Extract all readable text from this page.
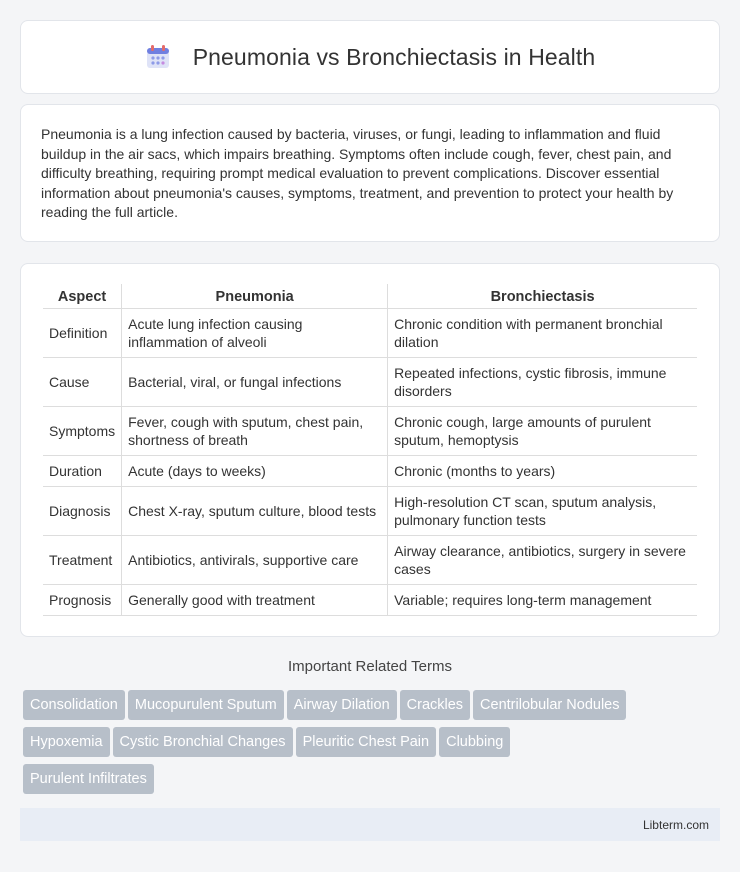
Pneumonia vs Bronchiectasis in Health

Pneumonia is a lung infection caused by bacteria, viruses, or fungi, leading to inflammation and fluid buildup in the air sacs, which impairs breathing. Symptoms often include cough, fever, chest pain, and difficulty breathing, requiring prompt medical evaluation to prevent complications. Discover essential information about pneumonia's causes, symptoms, treatment, and prevention to protect your health by reading the full article.

Aspect	Pneumonia	Bronchiectasis
Definition	Acute lung infection causing inflammation of alveoli	Chronic condition with permanent bronchial dilation
Cause	Bacterial, viral, or fungal infections	Repeated infections, cystic fibrosis, immune disorders
Symptoms	Fever, cough with sputum, chest pain, shortness of breath	Chronic cough, large amounts of purulent sputum, hemoptysis
Duration	Acute (days to weeks)	Chronic (months to years)
Diagnosis	Chest X-ray, sputum culture, blood tests	High-resolution CT scan, sputum analysis, pulmonary function tests
Treatment	Antibiotics, antivirals, supportive care	Airway clearance, antibiotics, surgery in severe cases
Prognosis	Generally good with treatment	Variable; requires long-term management
Important Related Terms
Consolidation Mucopurulent Sputum Airway Dilation Crackles Centrilobular Nodules
Hypoxemia Cystic Bronchial Changes Pleuritic Chest Pain Clubbing
Purulent Infiltrates
Libterm.com
